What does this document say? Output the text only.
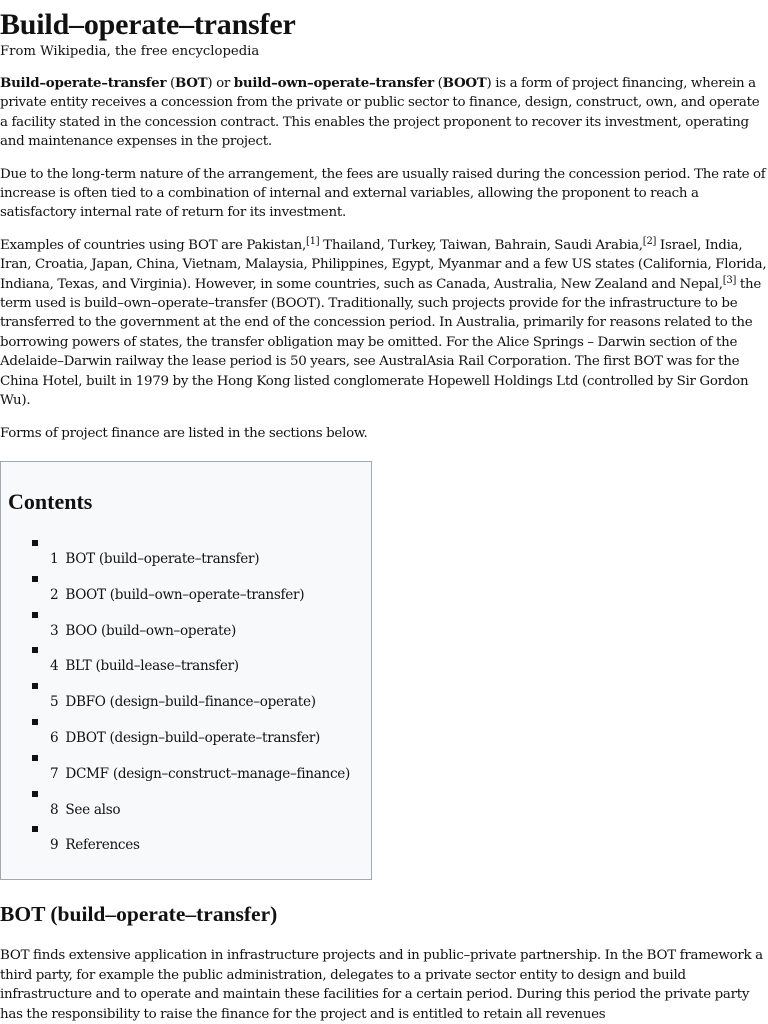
Build–operate–transfer
From Wikipedia, the free encyclopedia

Build–operate–transfer (BOT) or build–own–operate–transfer (BOOT) is a form of project financing, wherein a private entity receives a concession from the private or public sector to finance, design, construct, own, and operate a facility stated in the concession contract. This enables the project proponent to recover its investment, operating and maintenance expenses in the project.

Due to the long-term nature of the arrangement, the fees are usually raised during the concession period. The rate of increase is often tied to a combination of internal and external variables, allowing the proponent to reach a satisfactory internal rate of return for its investment.

Examples of countries using BOT are Pakistan,[1] Thailand, Turkey, Taiwan, Bahrain, Saudi Arabia,[2] Israel, India, Iran, Croatia, Japan, China, Vietnam, Malaysia, Philippines, Egypt, Myanmar and a few US states (California, Florida, Indiana, Texas, and Virginia). However, in some countries, such as Canada, Australia, New Zealand and Nepal,[3] the term used is build–own–operate–transfer (BOOT). Traditionally, such projects provide for the infrastructure to be transferred to the government at the end of the concession period. In Australia, primarily for reasons related to the borrowing powers of states, the transfer obligation may be omitted. For the Alice Springs – Darwin section of the Adelaide–Darwin railway the lease period is 50 years, see AustralAsia Rail Corporation. The first BOT was for the China Hotel, built in 1979 by the Hong Kong listed conglomerate Hopewell Holdings Ltd (controlled by Sir Gordon Wu).

Forms of project finance are listed in the sections below.

Contents
1 BOT (build–operate–transfer)
2 BOOT (build–own–operate–transfer)
3 BOO (build–own–operate)
4 BLT (build–lease–transfer)
5 DBFO (design–build–finance–operate)
6 DBOT (design–build–operate–transfer)
7 DCMF (design–construct–manage–finance)
8 See also
9 References
BOT (build–operate–transfer)

BOT finds extensive application in infrastructure projects and in public–private partnership. In the BOT framework a third party, for example the public administration, delegates to a private sector entity to design and build infrastructure and to operate and maintain these facilities for a certain period. During this period the private party has the responsibility to raise the finance for the project and is entitled to retain all revenues
